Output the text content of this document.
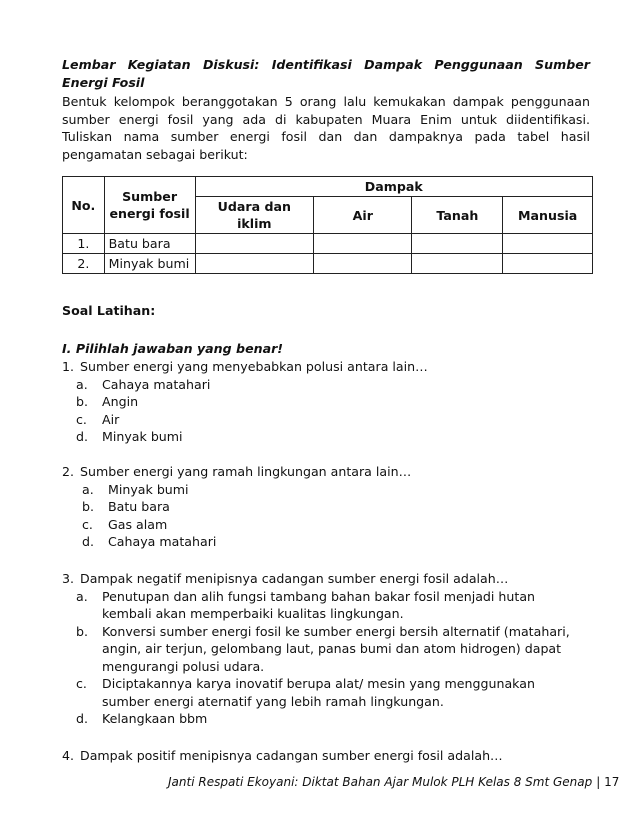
Lembar Kegiatan Diskusi: Identifikasi Dampak Penggunaan Sumber Energi Fosil
Bentuk kelompok beranggotakan 5 orang lalu kemukakan dampak penggunaan sumber energi fosil yang ada di kabupaten Muara Enim untuk diidentifikasi. Tuliskan nama sumber energi fosil dan dan dampaknya pada tabel hasil pengamatan sebagai berikut:
No.	Sumber energi fosil	Dampak			
		Udara dan iklim	Air	Tanah	Manusia
1.	Batu bara				
2.	Minyak bumi				
Soal Latihan:
I. Pilihlah jawaban yang benar!
1. Sumber energi yang menyebabkan polusi antara lain…
a.	Cahaya matahari
b.	Angin
c.	Air
d.	Minyak bumi
2. Sumber energi yang ramah lingkungan antara lain…
a.	Minyak bumi
b.	Batu bara
c.	Gas alam
d.	Cahaya matahari
3. Dampak negatif menipisnya cadangan sumber energi fosil adalah…
a.	Penutupan dan alih fungsi tambang bahan bakar fosil menjadi hutan kembali akan memperbaiki kualitas lingkungan.
b.	Konversi sumber energi fosil ke sumber energi bersih alternatif (matahari, angin, air terjun, gelombang laut, panas bumi dan atom hidrogen) dapat mengurangi polusi udara.
c.	Diciptakannya karya inovatif berupa alat/ mesin yang menggunakan sumber energi aternatif yang lebih ramah lingkungan.
d.	Kelangkaan bbm
4. Dampak positif menipisnya cadangan sumber energi fosil adalah…
Janti Respati Ekoyani: Diktat Bahan Ajar Mulok PLH Kelas 8 Smt Genap | 17
